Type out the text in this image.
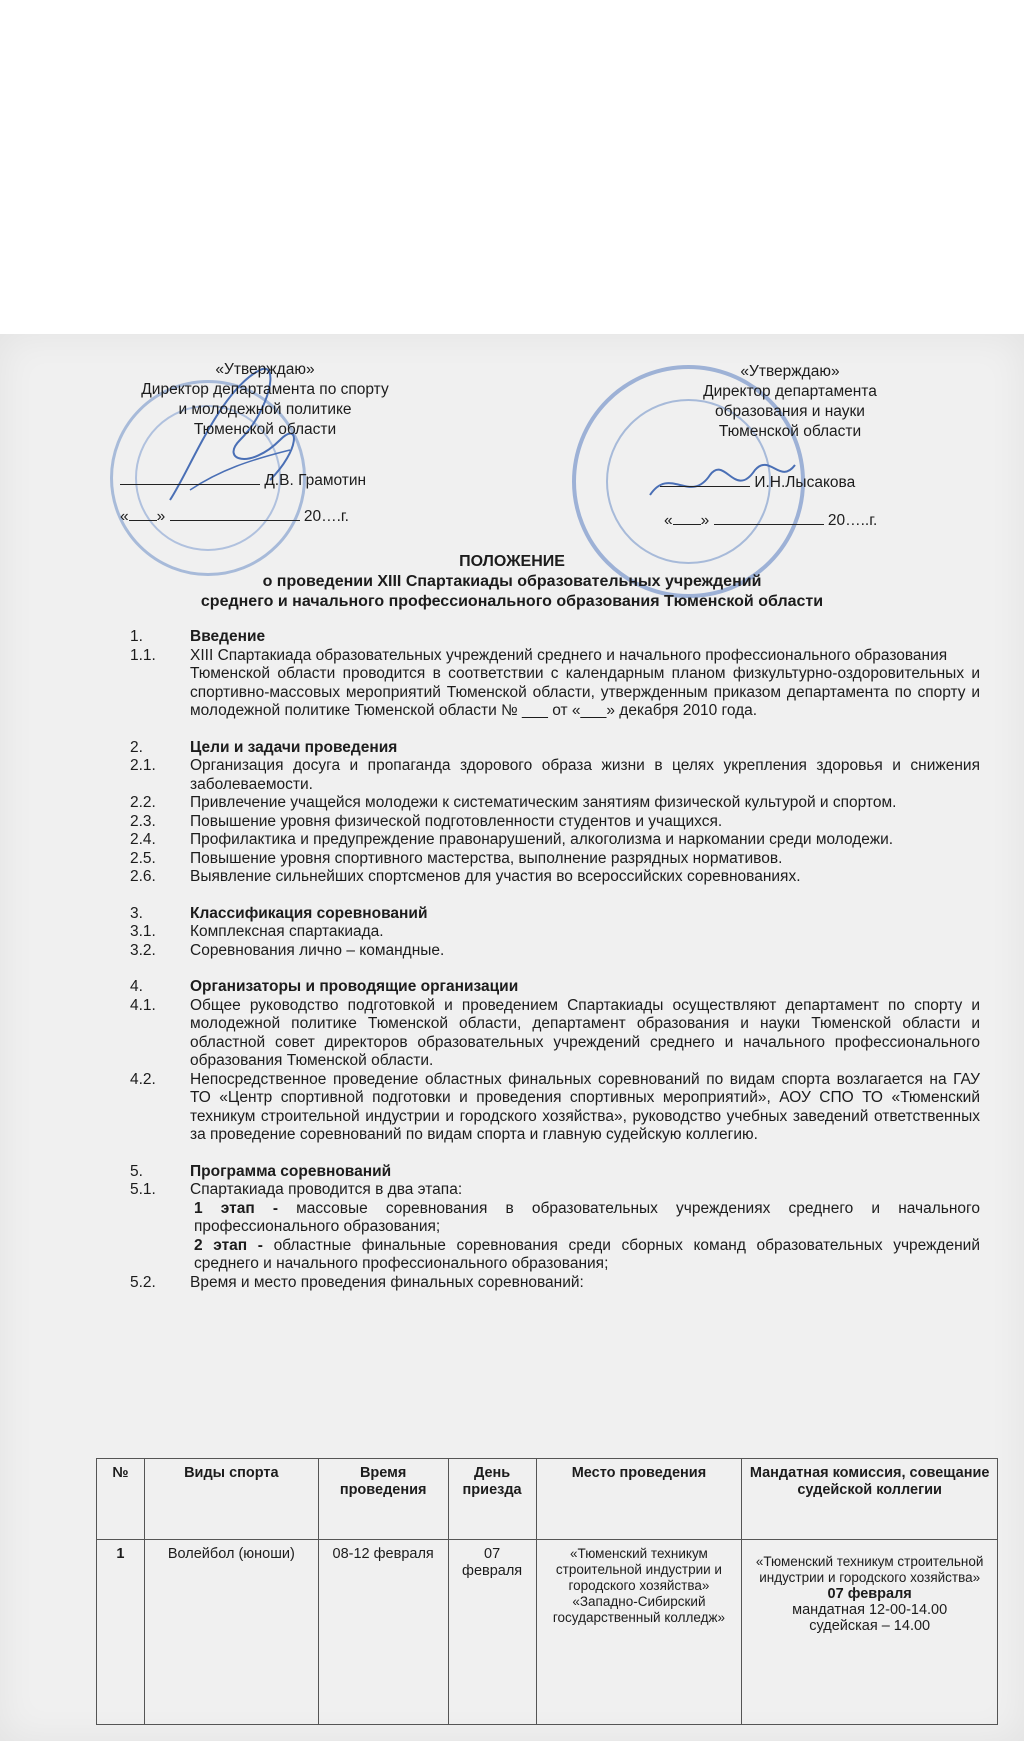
«Утверждаю»
Директор департамента по спорту
и молодежной политике
Тюменской области
Д.В. Грамотин
« »	20….г.
«Утверждаю»
Директор департамента
образования и науки
Тюменской области
И.Н.Лысакова
« »	20…..г.
ПОЛОЖЕНИЕ
о проведении XIII Спартакиады образовательных учреждений
среднего и начального профессионального образования Тюменской области
1.	Введение
1.1.	XIII Спартакиада образовательных учреждений среднего и начального профессионального образования
Тюменской области проводится в соответствии с календарным планом физкультурно-оздоровительных и спортивно-массовых мероприятий Тюменской области, утвержденным приказом департамента по спорту и молодежной политике Тюменской области № ___ от «___» декабря 2010 года.
2.	Цели и задачи проведения
2.1.	Организация досуга и пропаганда здорового образа жизни в целях укрепления здоровья и снижения заболеваемости.
2.2.	Привлечение учащейся молодежи к систематическим занятиям физической культурой и спортом.
2.3.	Повышение уровня физической подготовленности студентов и учащихся.
2.4.	Профилактика и предупреждение правонарушений, алкоголизма и наркомании среди молодежи.
2.5.	Повышение уровня спортивного мастерства, выполнение разрядных нормативов.
2.6.	Выявление сильнейших спортсменов для участия во всероссийских соревнованиях.
3.	Классификация соревнований
3.1.	Комплексная спартакиада.
3.2.	Соревнования лично – командные.
4.	Организаторы и проводящие организации
4.1.	Общее руководство подготовкой и проведением Спартакиады осуществляют департамент по спорту и молодежной политике Тюменской области, департамент образования и науки Тюменской области и областной совет директоров образовательных учреждений среднего и начального профессионального образования Тюменской области.
4.2.	Непосредственное проведение областных финальных соревнований по видам спорта возлагается на ГАУ ТО «Центр спортивной подготовки и проведения спортивных мероприятий», АОУ СПО ТО «Тюменский техникум строительной индустрии и городского хозяйства», руководство учебных заведений ответственных за проведение соревнований по видам спорта и главную судейскую коллегию.
5.	Программа соревнований
5.1.	Спартакиада проводится в два этапа:
1 этап - массовые соревнования в образовательных учреждениях среднего и начального профессионального образования;
2 этап - областные финальные соревнования среди сборных команд образовательных учреждений среднего и начального профессионального образования;
5.2.	Время и место проведения финальных соревнований:
№	Виды спорта	Время проведения	День приезда	Место проведения	Мандатная комиссия, совещание судейской коллегии
1	Волейбол (юноши)	08-12 февраля	07 февраля	«Тюменский техникум строительной индустрии и городского хозяйства» «Западно-Сибирский государственный колледж»	«Тюменский техникум строительной индустрии и городского хозяйства»
07 февраля
мандатная 12-00-14.00
судейская – 14.00
